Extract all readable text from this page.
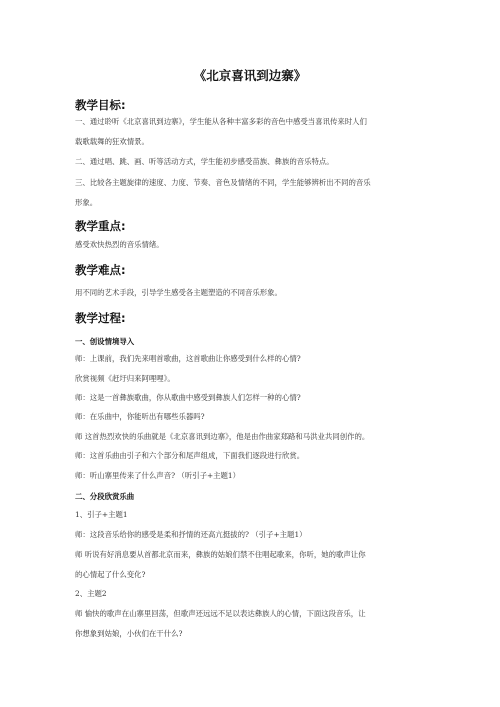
《北京喜讯到边寨》
教学目标:
一、通过聆听《北京喜讯到边寨》，学生能从各种丰富多彩的音色中感受当喜讯传来时人们
载歌载舞的狂欢情景。
二、通过唱、跳、画、听等活动方式，学生能初步感受苗族、彝族的音乐特点。
三、比较各主题旋律的速度、力度、节奏、音色及情绪的不同，学生能够辨析出不同的音乐
形象。
教学重点:
感受欢快热烈的音乐情绪。
教学难点:
用不同的艺术手段，引导学生感受各主题塑造的不同音乐形象。
教学过程:
一、创设情境导入
师：上课前，我们先来唱首歌曲，这首歌曲让你感受到什么样的心情?
欣赏视频《赶圩归来阿哩哩》。
师：这是一首彝族歌曲，你从歌曲中感受到彝族人们怎样一种的心情?
师：在乐曲中，你能听出有哪些乐器吗?
师 这首热烈欢快的乐曲就是《北京喜讯到边寨》，他是由作曲家郑路和马洪业共同创作的。
师：这首乐曲由引子和六个部分和尾声组成，下面我们逐段进行欣赏。
师：听山寨里传来了什么声音? （听引子+主题1）
二、分段欣赏乐曲
1、引子+主题1
师：这段音乐给你的感受是柔和抒情的还高亢挺拔的? （引子+主题1）
师 听说有好消息要从首都北京而来，彝族的姑娘们禁不住唱起歌来，你听，她的歌声让你
的心情起了什么变化?
2、主题2
师 愉快的歌声在山寨里回荡，但歌声还远远不足以表达彝族人的心情，下面这段音乐，让
你想象到姑娘，小伙们在干什么?
